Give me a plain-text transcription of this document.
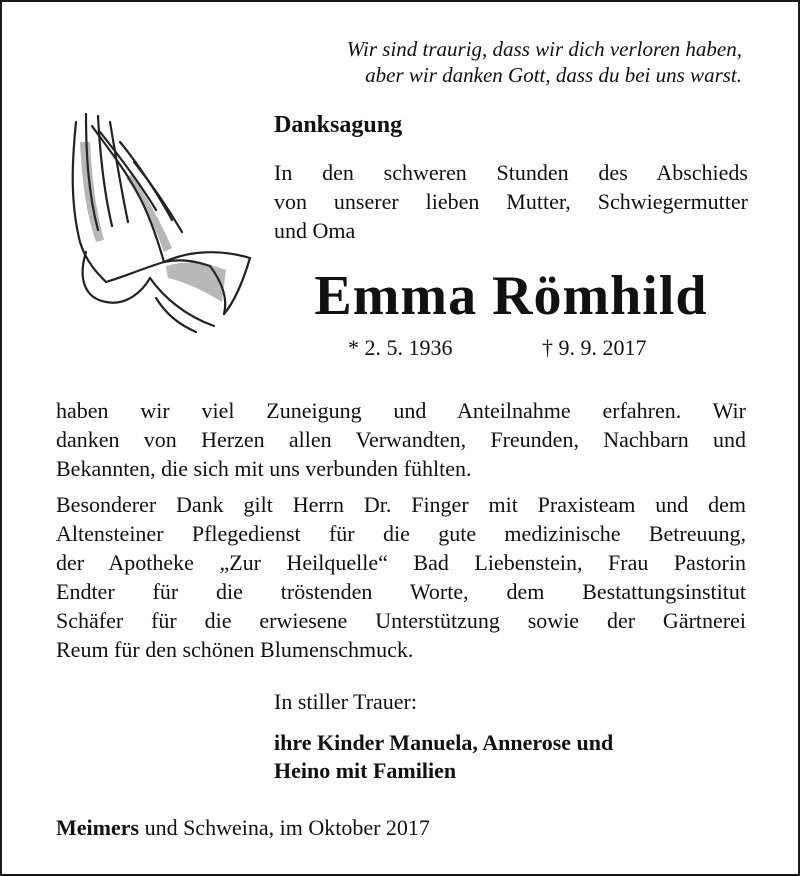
Wir sind traurig, dass wir dich verloren haben,
aber wir danken Gott, dass du bei uns warst.
Danksagung
In den schweren Stunden des Abschieds
von unserer lieben Mutter, Schwiegermutter
und Oma
Emma Römhild
* 2. 5. 1936	† 9. 9. 2017
haben wir viel Zuneigung und Anteilnahme erfahren. Wir
danken von Herzen allen Verwandten, Freunden, Nachbarn und
Bekannten, die sich mit uns verbunden fühlten.
Besonderer Dank gilt Herrn Dr. Finger mit Praxisteam und dem
Altensteiner Pflegedienst für die gute medizinische Betreuung,
der Apotheke „Zur Heilquelle“ Bad Liebenstein, Frau Pastorin
Endter für die tröstenden Worte, dem Bestattungsinstitut
Schäfer für die erwiesene Unterstützung sowie der Gärtnerei
Reum für den schönen Blumenschmuck.
In stiller Trauer:
ihre Kinder Manuela, Annerose und
Heino mit Familien
Meimers und Schweina, im Oktober 2017
